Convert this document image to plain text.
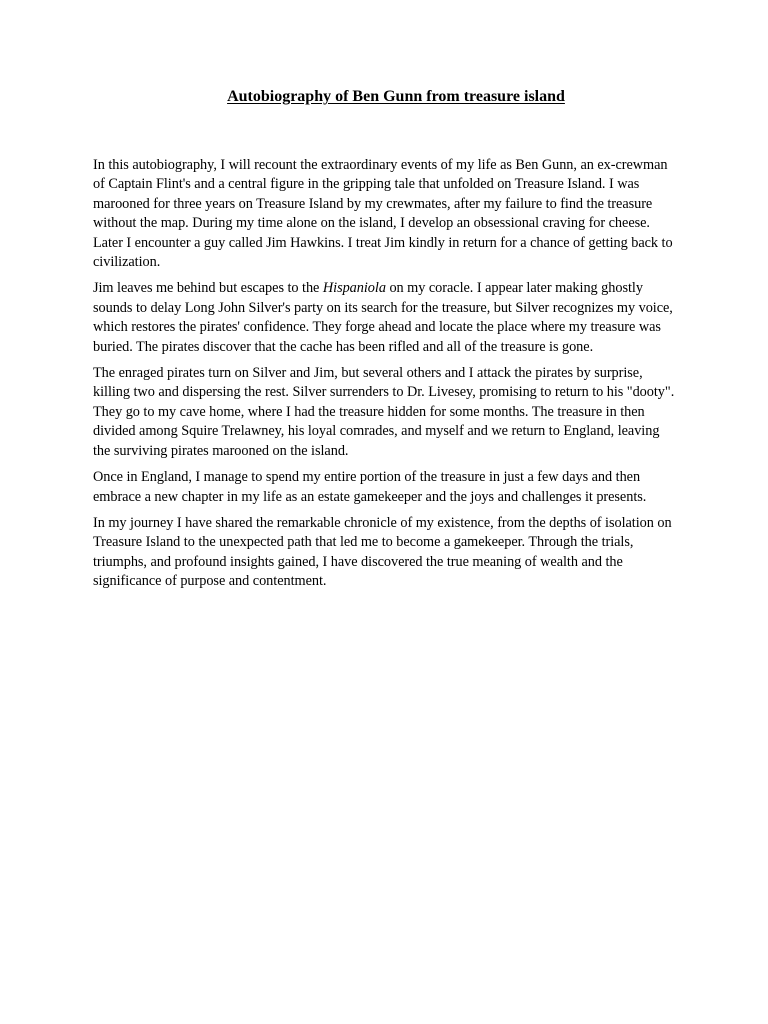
Autobiography of Ben Gunn from treasure island

In this autobiography, I will recount the extraordinary events of my life as Ben Gunn, an ex-crewman of Captain Flint's and a central figure in the gripping tale that unfolded on Treasure Island. I was marooned for three years on Treasure Island by my crewmates, after my failure to find the treasure without the map. During my time alone on the island, I develop an obsessional craving for cheese. Later I encounter a guy called Jim Hawkins. I treat Jim kindly in return for a chance of getting back to civilization.

Jim leaves me behind but escapes to the Hispaniola on my coracle. I appear later making ghostly sounds to delay Long John Silver's party on its search for the treasure, but Silver recognizes my voice, which restores the pirates' confidence. They forge ahead and locate the place where my treasure was buried. The pirates discover that the cache has been rifled and all of the treasure is gone.

The enraged pirates turn on Silver and Jim, but several others and I attack the pirates by surprise, killing two and dispersing the rest. Silver surrenders to Dr. Livesey, promising to return to his "dooty". They go to my cave home, where I had the treasure hidden for some months. The treasure in then divided among Squire Trelawney, his loyal comrades, and myself and we return to England, leaving the surviving pirates marooned on the island.

Once in England, I manage to spend my entire portion of the treasure in just a few days and then embrace a new chapter in my life as an estate gamekeeper and the joys and challenges it presents.

In my journey I have shared the remarkable chronicle of my existence, from the depths of isolation on Treasure Island to the unexpected path that led me to become a gamekeeper. Through the trials, triumphs, and profound insights gained, I have discovered the true meaning of wealth and the significance of purpose and contentment.
